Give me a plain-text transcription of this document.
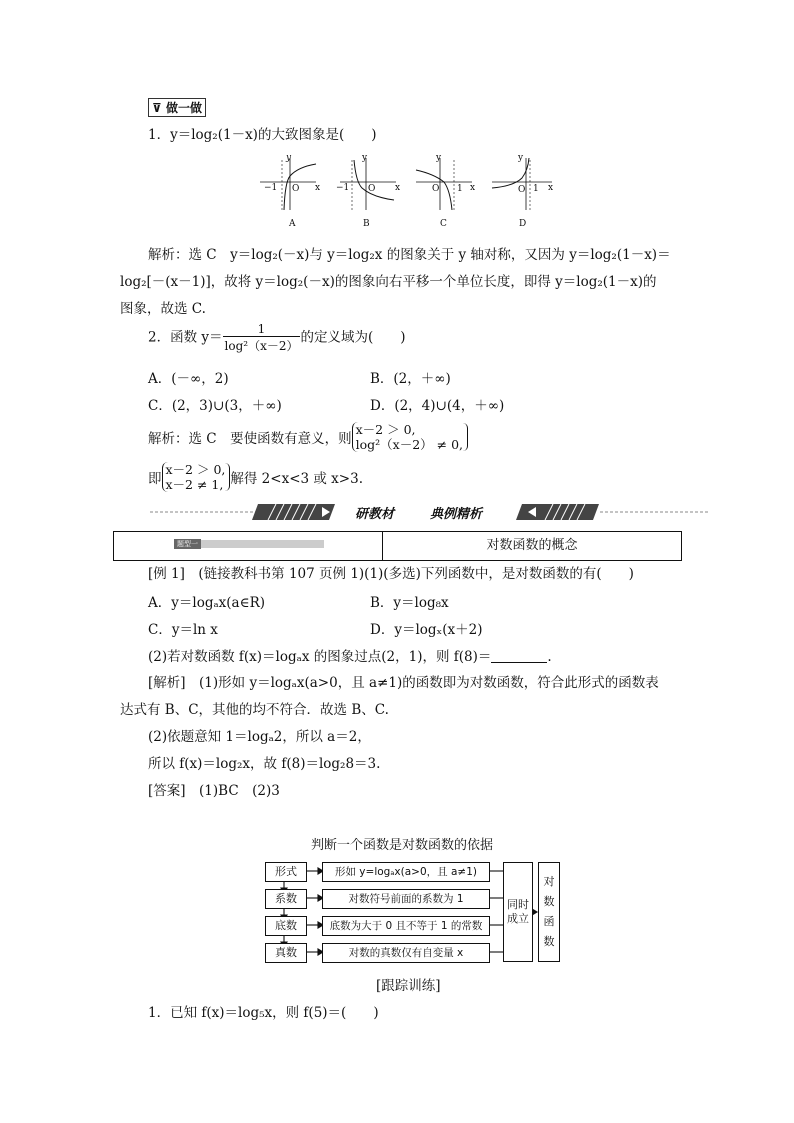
⊽ 做一做
1．y＝log₂(1－x)的大致图象是(　　)
y
x
O
−1
A
y
x
O
−1
B
y
x
O 1
C
y
x
O 1
D
解析：选 C　y＝log₂(－x)与 y＝log₂x 的图象关于 y 轴对称，又因为 y＝log₂(1－x)＝
log₂[－(x－1)]，故将 y＝log₂(－x)的图象向右平移一个单位长度，即得 y＝log₂(1－x)的
图象，故选 C.
2．函数 $y= \frac{1}{\text{log²（x－2）}}$ 的定义域为(　　)
A．(－∞，2)	B．(2，＋∞)
C．(2，3)∪(3，＋∞)	D．(2，4)∪(4，＋∞)
解析：选 C　要使函数有意义，则
x－2 ＞ 0,
log²（x－2） ≠ 0,
即
x－2 ＞ 0,
x－2 ≠ 1, 解得 2<x<3 或 x>3.
研教材	典例精析
题型一	对数函数的概念
[例 1]　(链接教科书第 107 页例 1)(1)(多选)下列函数中，是对数函数的有(　　)
A．y＝logₐx(a∈R)	B．y＝log₈x
C．y＝ln x	D．y＝logₓ(x＋2)
(2)若对数函数 f(x)＝logₐx 的图象过点(2，1)，则 f(8)＝	.
[解析]　(1)形如 y＝logₐx(a>0，且 a≠1)的函数即为对数函数，符合此形式的函数表
达式有 B、C，其他的均不符合．故选 B、C.
(2)依题意知 1＝logₐ2，所以 a＝2，
所以 f(x)＝log₂x，故 f(8)＝log₂8＝3.
[答案]　(1)BC　(2)3
判断一个函数是对数函数的依据
形式
系数
底数
真数
形如 y=logₐx(a>0，且 a≠1)
对数符号前面的系数为 1
底数为大于 0 且不等于 1 的常数
对数的真数仅有自变量 x
同时
成立
对
数
函
数
[跟踪训练]
1．已知 f(x)＝log₅x，则 f(5)＝(　　)
